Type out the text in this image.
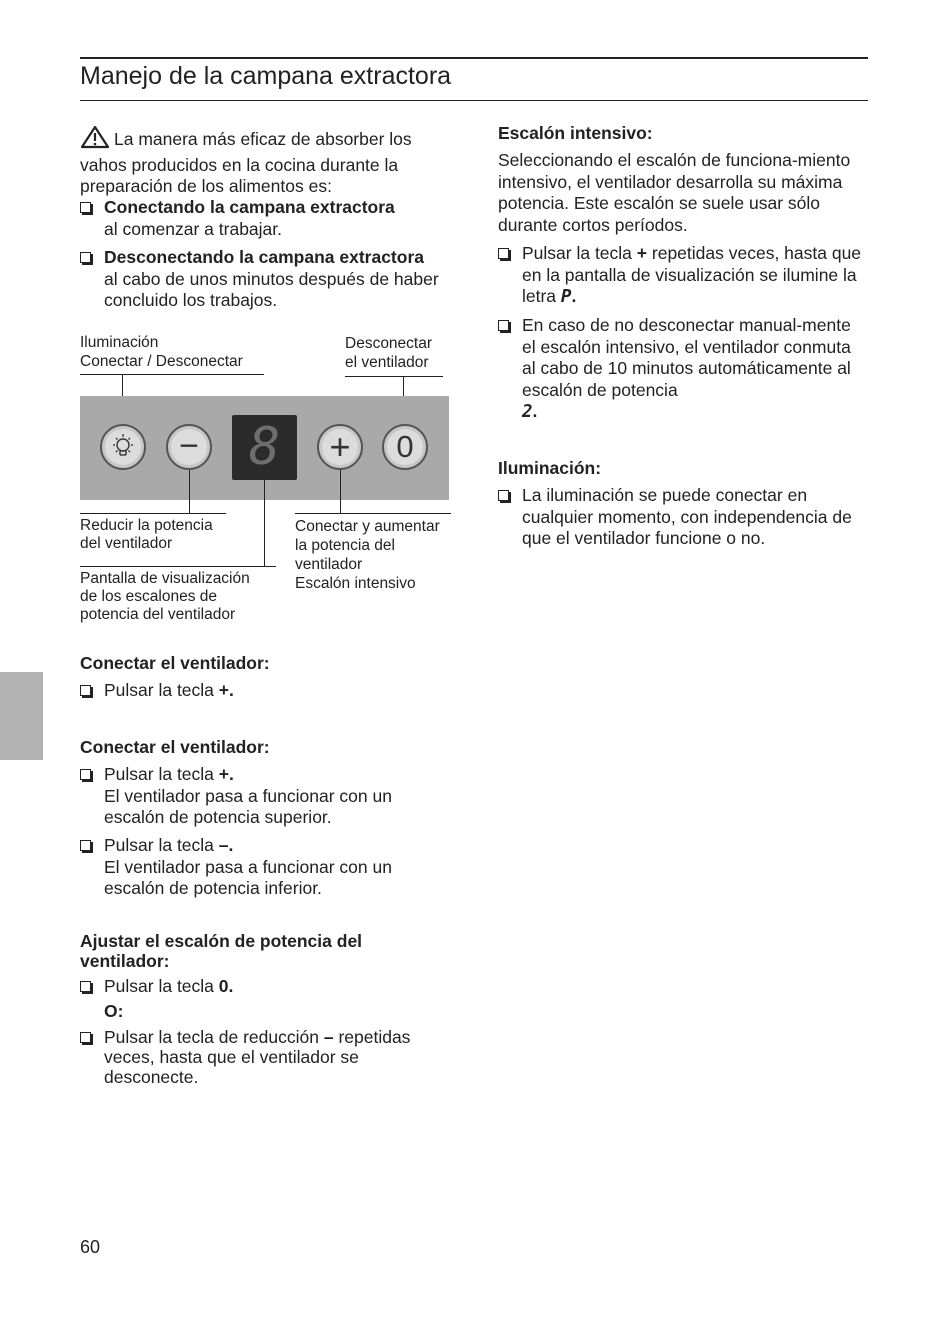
Manejo de la campana extractora
La manera más eficaz de absorber los vahos producidos en la cocina durante la preparación de los alimentos es:
Conectando la campana extractora
al comenzar a trabajar.
Desconectando la campana extractora
al cabo de unos minutos después de haber concluido los trabajos.
Iluminación
Conectar / Desconectar
Desconectar
el ventilador
− 8	+	0
Reducir la potencia
del ventilador
Pantalla de visualización
de los escalones de
potencia del ventilador
Conectar y aumentar
la potencia del
ventilador
Escalón intensivo
Conectar el ventilador:
Pulsar la tecla +.
Conectar el ventilador:
Pulsar la tecla +.
El ventilador pasa a funcionar con un escalón de potencia superior.
Pulsar la tecla –.
El ventilador pasa a funcionar con un escalón de potencia inferior.
Ajustar el escalón de potencia del ventilador:
Pulsar la tecla 0.
O:
Pulsar la tecla de reducción – repetidas veces, hasta que el ventilador se desconecte.
Escalón intensivo:
Seleccionando el escalón de funciona-miento intensivo, el ventilador desarrolla su máxima potencia. Este escalón se suele usar sólo durante cortos períodos.
Pulsar la tecla + repetidas veces, hasta que en la pantalla de visualización se ilumine la letra P.
En caso de no desconectar manual-mente el escalón intensivo, el ventilador conmuta al cabo de 10 minutos automáticamente al escalón de potencia
2.
Iluminación:
La iluminación se puede conectar en cualquier momento, con independencia de que el ventilador funcione o no.
60
